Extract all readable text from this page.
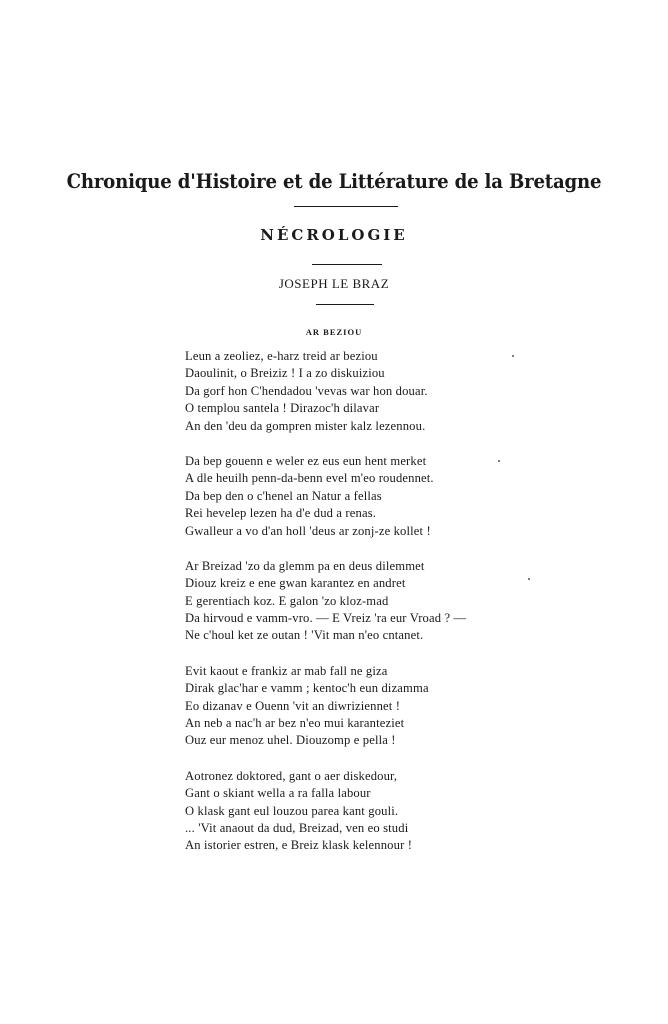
Chronique d'Histoire et de Littérature de la Bretagne
NÉCROLOGIE
JOSEPH LE BRAZ
AR BEZIOU
Leun a zeoliez, e-harz treid ar beziou
Daoulinit, o Breiziz ! I a zo diskuiziou
Da gorf hon C'hendadou 'vevas war hon douar.
O templou santela ! Dirazoc'h dilavar
An den 'deu da gompren mister kalz lezennou.
Da bep gouenn e weler ez eus eun hent merket
A dle heuilh penn-da-benn evel m'eo roudennet.
Da bep den o c'henel an Natur a fellas
Rei hevelep lezen ha d'e dud a renas.
Gwalleur a vo d'an holl 'deus ar zonj-ze kollet !
Ar Breizad 'zo da glemm pa en deus dilemmet
Diouz kreiz e ene gwan karantez en andret
E gerentiach koz. E galon 'zo kloz-mad
Da hirvoud e vamm-vro. — E Vreiz 'ra eur Vroad ? —
Ne c'houl ket ze outan ! 'Vit man n'eo cntanet.
Evit kaout e frankiz ar mab fall ne giza
Dirak glac'har e vamm ; kentoc'h eun dizamma
Eo dizanav e Ouenn 'vit an diwriziennet !
An neb a nac'h ar bez n'eo mui karanteziet
Ouz eur menoz uhel. Diouzomp e pella !
Aotronez doktored, gant o aer diskedour,
Gant o skiant wella a ra falla labour
O klask gant eul louzou parea kant gouli.
... 'Vit anaout da dud, Breizad, ven eo studi
An istorier estren, e Breiz klask kelennour !
